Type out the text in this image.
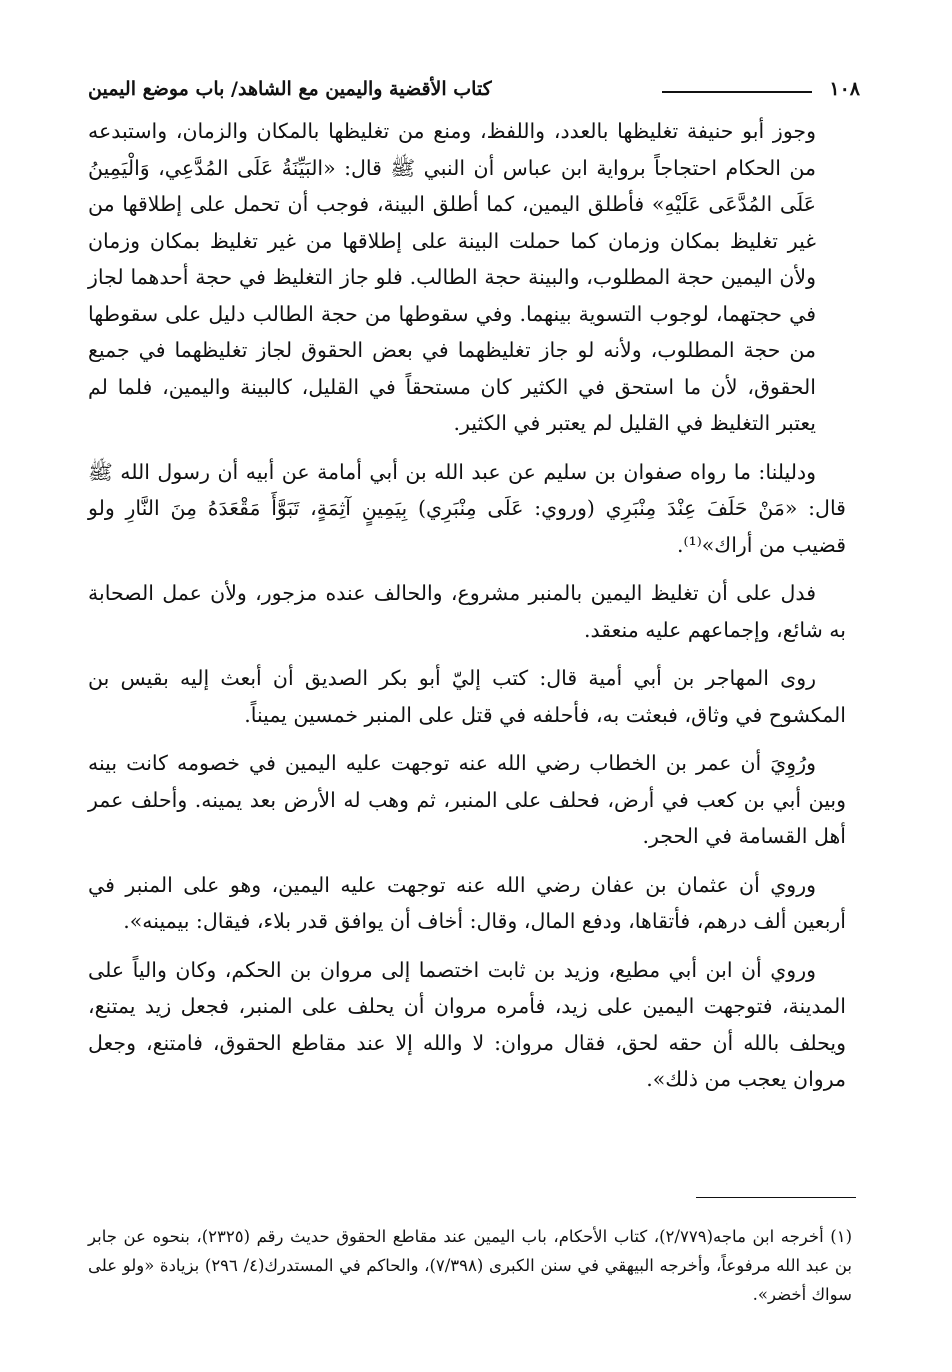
١٠٨
كتاب الأقضية واليمين مع الشاهد/ باب موضع اليمين

وجوز أبو حنيفة تغليظها بالعدد، واللفظ، ومنع من تغليظها بالمكان والزمان، واستبدعه من الحكام احتجاجاً برواية ابن عباس أن النبي ﷺ قال: «البَيِّنَةُ عَلَى المُدَّعِي، وَالْيَمِينُ عَلَى المُدَّعَى عَلَيْهِ» فأطلق اليمين، كما أطلق البينة، فوجب أن تحمل على إطلاقها من غير تغليظ بمكان وزمان كما حملت البينة على إطلاقها من غير تغليظ بمكان وزمان ولأن اليمين حجة المطلوب، والبينة حجة الطالب. فلو جاز التغليظ في حجة أحدهما لجاز في حجتهما، لوجوب التسوية بينهما. وفي سقوطها من حجة الطالب دليل على سقوطها من حجة المطلوب، ولأنه لو جاز تغليظهما في بعض الحقوق لجاز تغليظهما في جميع الحقوق، لأن ما استحق في الكثير كان مستحقاً في القليل، كالبينة واليمين، فلما لم يعتبر التغليظ في القليل لم يعتبر في الكثير.

ودليلنا: ما رواه صفوان بن سليم عن عبد الله بن أبي أمامة عن أبيه أن رسول الله ﷺ قال: «مَنْ حَلَفَ عِنْدَ مِنْبَرِي (وروي: عَلَى مِنْبَرِي) بِيَمِينٍ آثِمَةٍ، تَبَوَّأَ مَقْعَدَهُ مِنَ النَّارِ ولو قضيب من أراك»⁽¹⁾.

فدل على أن تغليظ اليمين بالمنبر مشروع، والحالف عنده مزجور، ولأن عمل الصحابة به شائع، وإجماعهم عليه منعقد.

روى المهاجر بن أبي أمية قال: كتب إليّ أبو بكر الصديق أن أبعث إليه بقيس بن المكشوح في وثاق، فبعثت به، فأحلفه في قتل على المنبر خمسين يميناً.

ورُوِيَ أن عمر بن الخطاب رضي الله عنه توجهت عليه اليمين في خصومه كانت بينه وبين أبي بن كعب في أرض، فحلف على المنبر، ثم وهب له الأرض بعد يمينه. وأحلف عمر أهل القسامة في الحجر.

وروي أن عثمان بن عفان رضي الله عنه توجهت عليه اليمين، وهو على المنبر في أربعين ألف درهم، فأتقاها، ودفع المال، وقال: أخاف أن يوافق قدر بلاء، فيقال: بيمينه».

وروي أن ابن أبي مطيع، وزيد بن ثابت اختصما إلى مروان بن الحكم، وكان والياً على المدينة، فتوجهت اليمين على زيد، فأمره مروان أن يحلف على المنبر، فجعل زيد يمتنع، ويحلف بالله أن حقه لحق، فقال مروان: لا والله إلا عند مقاطع الحقوق، فامتنع، وجعل مروان يعجب من ذلك».

(١) أخرجه ابن ماجه(٢/٧٧٩)، كتاب الأحكام، باب اليمين عند مقاطع الحقوق حديث رقم (٢٣٢٥)، بنحوه عن جابر بن عبد الله مرفوعاً، وأخرجه البيهقي في سنن الكبرى (٧/٣٩٨)، والحاكم في المستدرك(٤/ ٢٩٦) بزيادة «ولو على سواك أخضر».
